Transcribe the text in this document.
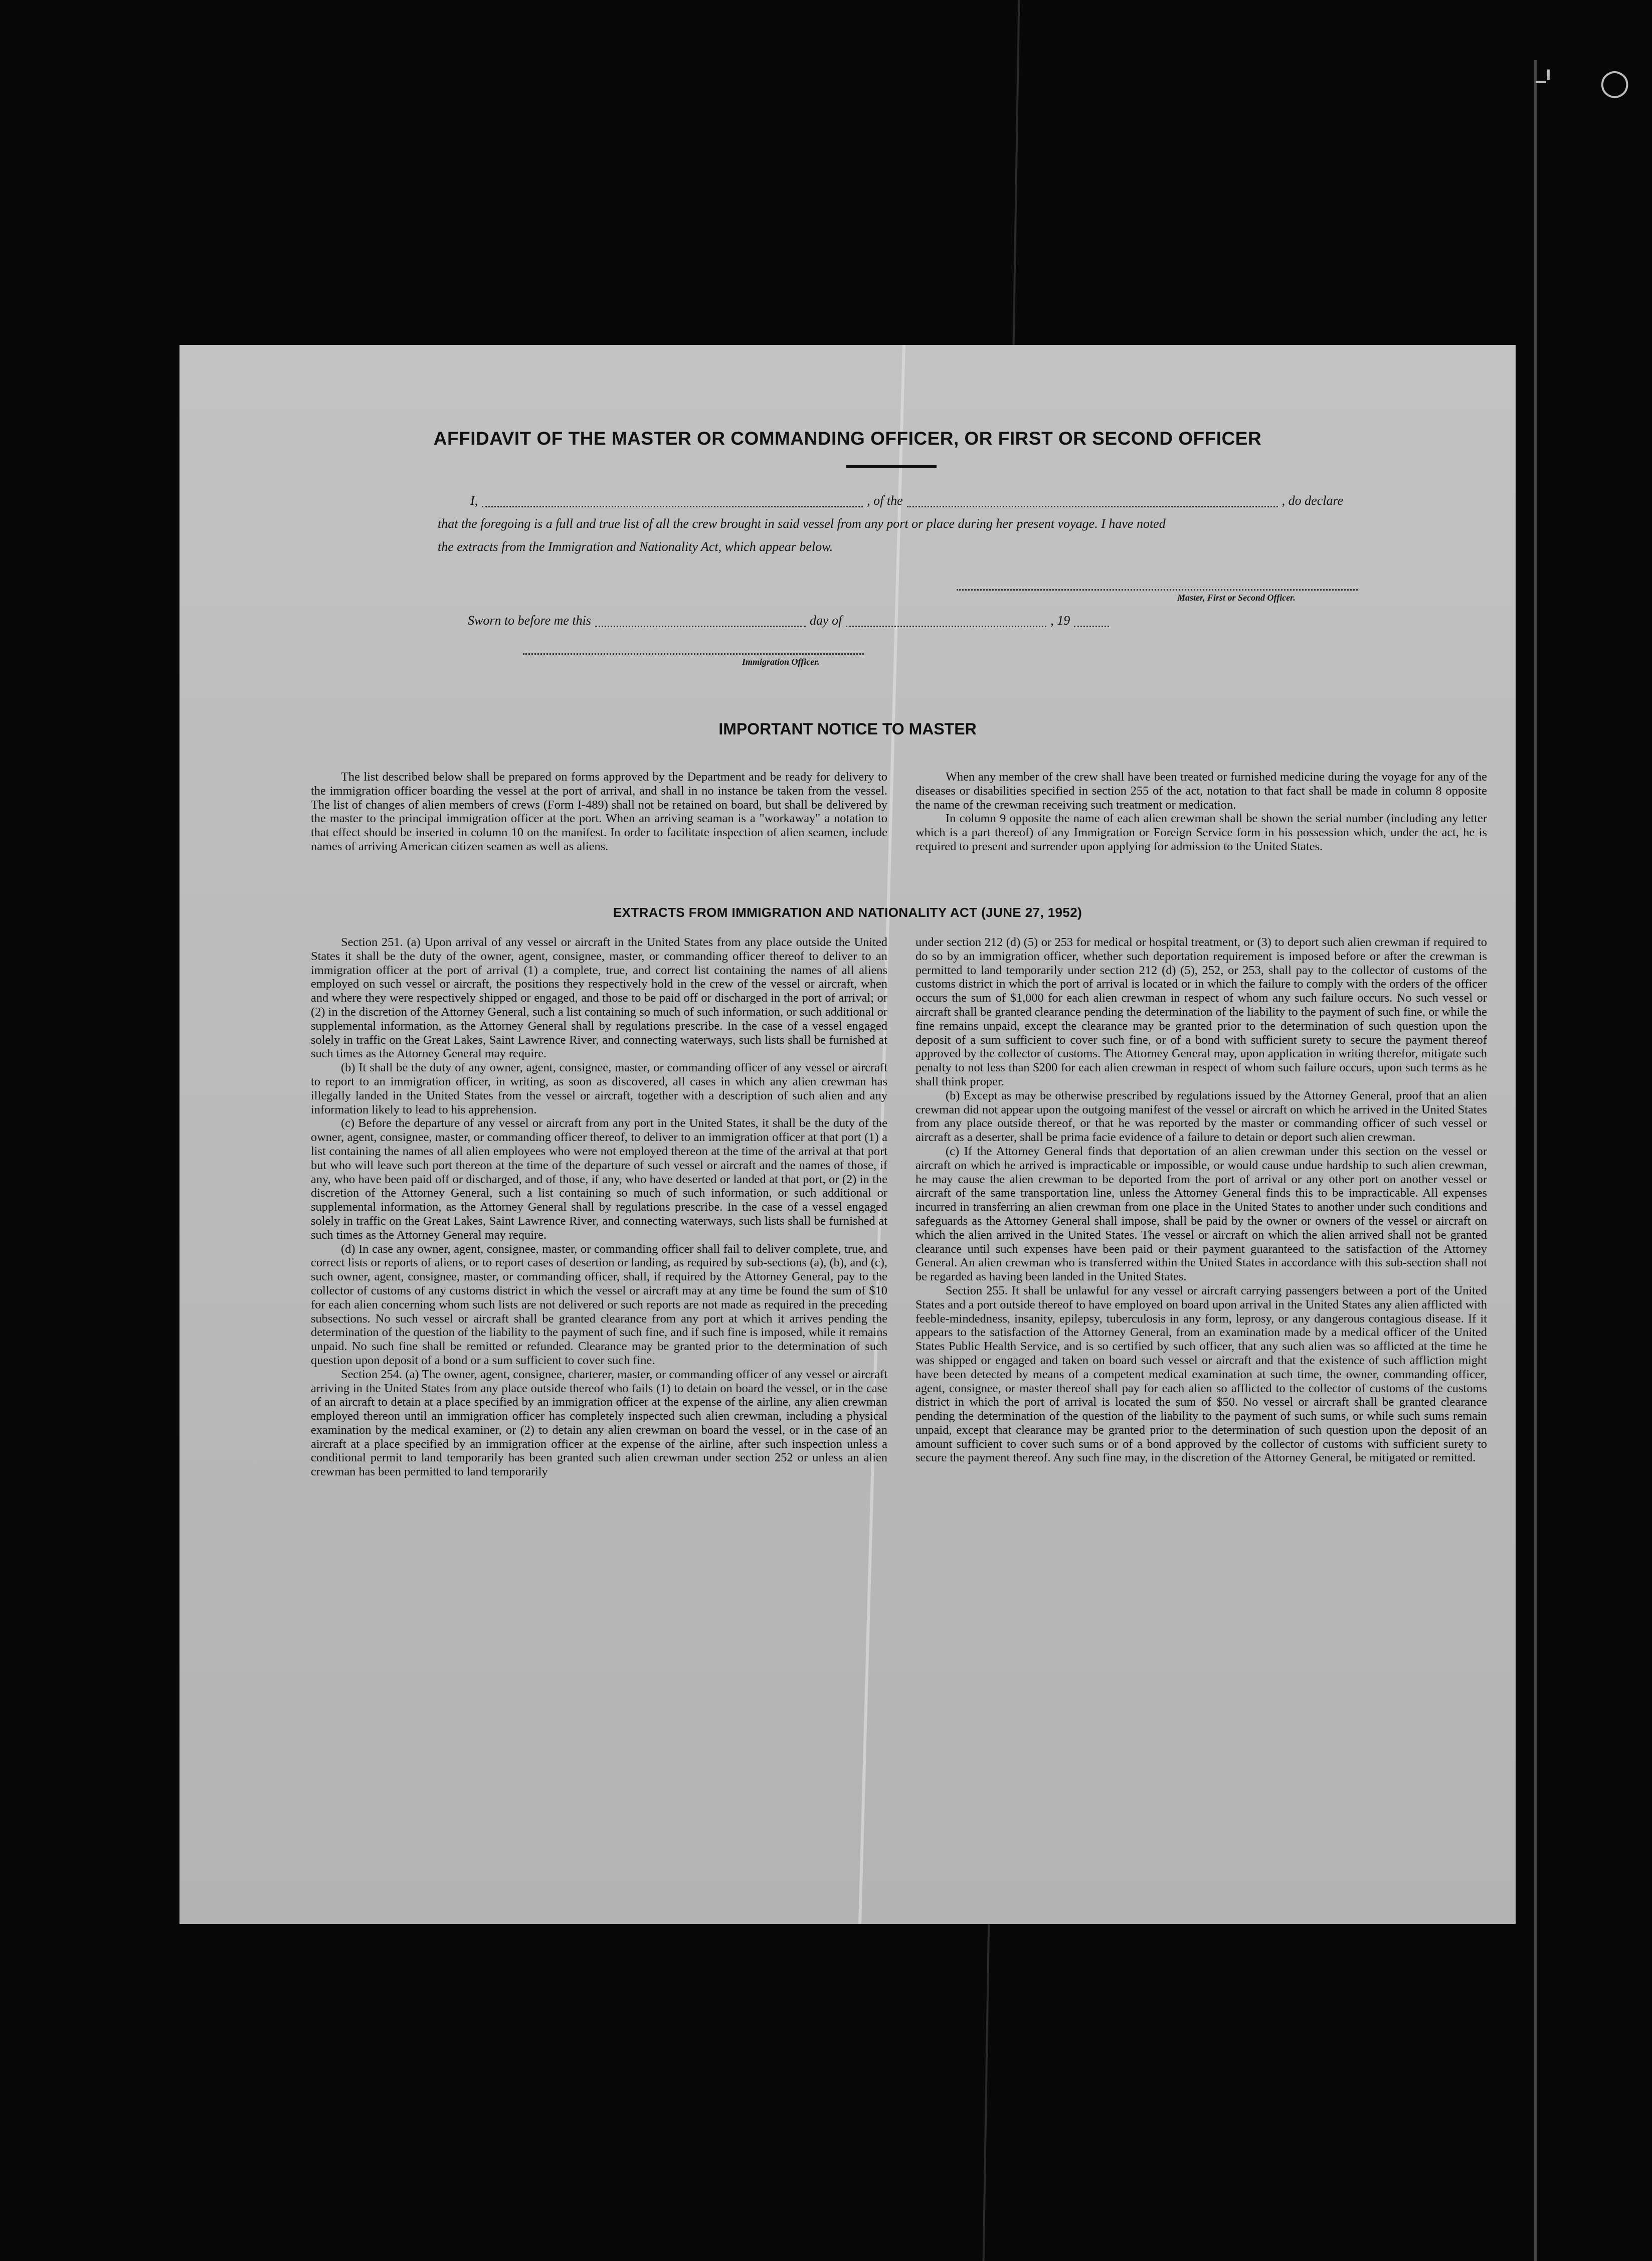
⌏ ○
AFFIDAVIT OF THE MASTER OR COMMANDING OFFICER, OR FIRST OR SECOND OFFICER
I,	, of the	, do declare
that the foregoing is a full and true list of all the crew brought in said vessel from any port or place during her present voyage. I have noted
the extracts from the Immigration and Nationality Act, which appear below.
Master, First or Second Officer.
Sworn to before me this	day of	, 19
Immigration Officer.
IMPORTANT NOTICE TO MASTER

The list described below shall be prepared on forms approved by the Department and be ready for delivery to the immigration officer boarding the vessel at the port of arrival, and shall in no instance be taken from the vessel. The list of changes of alien members of crews (Form I-489) shall not be retained on board, but shall be delivered by the master to the principal immigration officer at the port. When an arriving seaman is a "workaway" a notation to that effect should be inserted in column 10 on the manifest. In order to facilitate inspection of alien seamen, include names of arriving American citizen seamen as well as aliens.

When any member of the crew shall have been treated or furnished medicine during the voyage for any of the diseases or disabilities specified in section 255 of the act, notation to that fact shall be made in column 8 opposite the name of the crewman receiving such treatment or medication.

In column 9 opposite the name of each alien crewman shall be shown the serial number (including any letter which is a part thereof) of any Immigration or Foreign Service form in his possession which, under the act, he is required to present and surrender upon applying for admission to the United States.

EXTRACTS FROM IMMIGRATION AND NATIONALITY ACT (JUNE 27, 1952)

Section 251. (a) Upon arrival of any vessel or aircraft in the United States from any place outside the United States it shall be the duty of the owner, agent, consignee, master, or commanding officer thereof to deliver to an immigration officer at the port of arrival (1) a complete, true, and correct list containing the names of all aliens employed on such vessel or aircraft, the positions they respectively hold in the crew of the vessel or aircraft, when and where they were respectively shipped or engaged, and those to be paid off or discharged in the port of arrival; or (2) in the discretion of the Attorney General, such a list containing so much of such information, or such additional or supplemental information, as the Attorney General shall by regulations prescribe. In the case of a vessel engaged solely in traffic on the Great Lakes, Saint Lawrence River, and connecting waterways, such lists shall be furnished at such times as the Attorney General may require.

(b) It shall be the duty of any owner, agent, consignee, master, or commanding officer of any vessel or aircraft to report to an immigration officer, in writing, as soon as discovered, all cases in which any alien crewman has illegally landed in the United States from the vessel or aircraft, together with a description of such alien and any information likely to lead to his apprehension.

(c) Before the departure of any vessel or aircraft from any port in the United States, it shall be the duty of the owner, agent, consignee, master, or commanding officer thereof, to deliver to an immigration officer at that port (1) a list containing the names of all alien employees who were not employed thereon at the time of the arrival at that port but who will leave such port thereon at the time of the departure of such vessel or aircraft and the names of those, if any, who have been paid off or discharged, and of those, if any, who have deserted or landed at that port, or (2) in the discretion of the Attorney General, such a list containing so much of such information, or such additional or supplemental information, as the Attorney General shall by regulations prescribe. In the case of a vessel engaged solely in traffic on the Great Lakes, Saint Lawrence River, and connecting waterways, such lists shall be furnished at such times as the Attorney General may require.

(d) In case any owner, agent, consignee, master, or commanding officer shall fail to deliver complete, true, and correct lists or reports of aliens, or to report cases of desertion or landing, as required by sub-sections (a), (b), and (c), such owner, agent, consignee, master, or commanding officer, shall, if required by the Attorney General, pay to the collector of customs of any customs district in which the vessel or aircraft may at any time be found the sum of $10 for each alien concerning whom such lists are not delivered or such reports are not made as required in the preceding subsections. No such vessel or aircraft shall be granted clearance from any port at which it arrives pending the determination of the question of the liability to the payment of such fine, and if such fine is imposed, while it remains unpaid. No such fine shall be remitted or refunded. Clearance may be granted prior to the determination of such question upon deposit of a bond or a sum sufficient to cover such fine.

Section 254. (a) The owner, agent, consignee, charterer, master, or commanding officer of any vessel or aircraft arriving in the United States from any place outside thereof who fails (1) to detain on board the vessel, or in the case of an aircraft to detain at a place specified by an immigration officer at the expense of the airline, any alien crewman employed thereon until an immigration officer has completely inspected such alien crewman, including a physical examination by the medical examiner, or (2) to detain any alien crewman on board the vessel, or in the case of an aircraft at a place specified by an immigration officer at the expense of the airline, after such inspection unless a conditional permit to land temporarily has been granted such alien crewman under section 252 or unless an alien crewman has been permitted to land temporarily

under section 212 (d) (5) or 253 for medical or hospital treatment, or (3) to deport such alien crewman if required to do so by an immigration officer, whether such deportation requirement is imposed before or after the crewman is permitted to land temporarily under section 212 (d) (5), 252, or 253, shall pay to the collector of customs of the customs district in which the port of arrival is located or in which the failure to comply with the orders of the officer occurs the sum of $1,000 for each alien crewman in respect of whom any such failure occurs. No such vessel or aircraft shall be granted clearance pending the determination of the liability to the payment of such fine, or while the fine remains unpaid, except the clearance may be granted prior to the determination of such question upon the deposit of a sum sufficient to cover such fine, or of a bond with sufficient surety to secure the payment thereof approved by the collector of customs. The Attorney General may, upon application in writing therefor, mitigate such penalty to not less than $200 for each alien crewman in respect of whom such failure occurs, upon such terms as he shall think proper.

(b) Except as may be otherwise prescribed by regulations issued by the Attorney General, proof that an alien crewman did not appear upon the outgoing manifest of the vessel or aircraft on which he arrived in the United States from any place outside thereof, or that he was reported by the master or commanding officer of such vessel or aircraft as a deserter, shall be prima facie evidence of a failure to detain or deport such alien crewman.

(c) If the Attorney General finds that deportation of an alien crewman under this section on the vessel or aircraft on which he arrived is impracticable or impossible, or would cause undue hardship to such alien crewman, he may cause the alien crewman to be deported from the port of arrival or any other port on another vessel or aircraft of the same transportation line, unless the Attorney General finds this to be impracticable. All expenses incurred in transferring an alien crewman from one place in the United States to another under such conditions and safeguards as the Attorney General shall impose, shall be paid by the owner or owners of the vessel or aircraft on which the alien arrived in the United States. The vessel or aircraft on which the alien arrived shall not be granted clearance until such expenses have been paid or their payment guaranteed to the satisfaction of the Attorney General. An alien crewman who is transferred within the United States in accordance with this sub-section shall not be regarded as having been landed in the United States.

Section 255. It shall be unlawful for any vessel or aircraft carrying passengers between a port of the United States and a port outside thereof to have employed on board upon arrival in the United States any alien afflicted with feeble-mindedness, insanity, epilepsy, tuberculosis in any form, leprosy, or any dangerous contagious disease. If it appears to the satisfaction of the Attorney General, from an examination made by a medical officer of the United States Public Health Service, and is so certified by such officer, that any such alien was so afflicted at the time he was shipped or engaged and taken on board such vessel or aircraft and that the existence of such affliction might have been detected by means of a competent medical examination at such time, the owner, commanding officer, agent, consignee, or master thereof shall pay for each alien so afflicted to the collector of customs of the customs district in which the port of arrival is located the sum of $50. No vessel or aircraft shall be granted clearance pending the determination of the question of the liability to the payment of such sums, or while such sums remain unpaid, except that clearance may be granted prior to the determination of such question upon the deposit of an amount sufficient to cover such sums or of a bond approved by the collector of customs with sufficient surety to secure the payment thereof. Any such fine may, in the discretion of the Attorney General, be mitigated or remitted.
